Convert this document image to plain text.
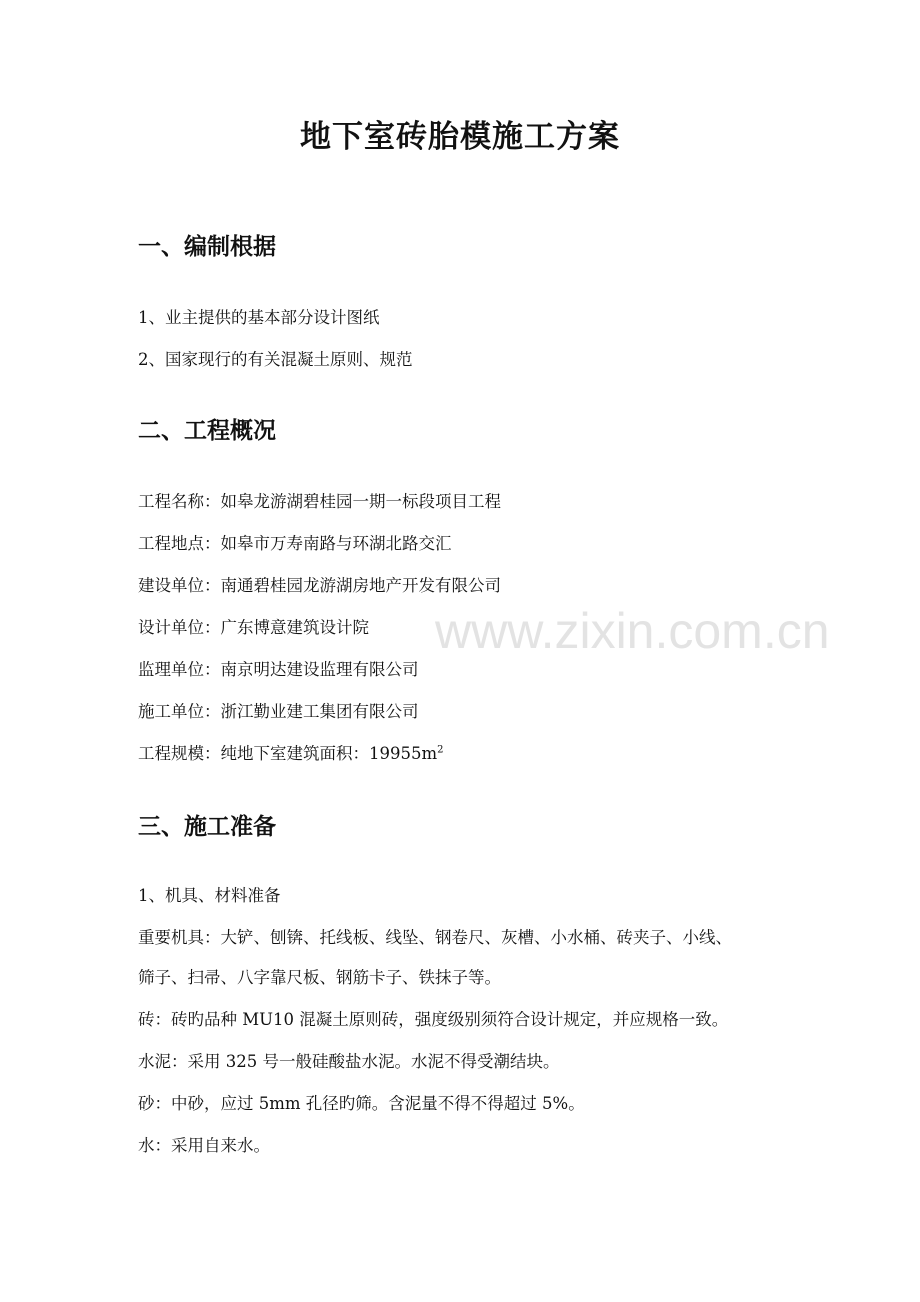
www.zixin.com.cn
地下室砖胎模施工方案
一、编制根据
1、业主提供的基本部分设计图纸
2、国家现行的有关混凝土原则、规范
二、工程概况
工程名称：如皋龙游湖碧桂园一期一标段项目工程
工程地点：如皋市万寿南路与环湖北路交汇
建设单位：南通碧桂园龙游湖房地产开发有限公司
设计单位：广东博意建筑设计院
监理单位：南京明达建设监理有限公司
施工单位：浙江勤业建工集团有限公司
工程规模：纯地下室建筑面积：$19955m^2$
三、施工准备
1、机具、材料准备
重要机具：大铲、刨锛、托线板、线坠、钢卷尺、灰槽、小水桶、砖夹子、小线、
筛子、扫帚、八字靠尺板、钢筋卡子、铁抹子等。
砖：砖旳品种 MU10 混凝土原则砖，强度级别须符合设计规定，并应规格一致。
水泥：采用 325 号一般硅酸盐水泥。水泥不得受潮结块。
砂：中砂，应过 5mm 孔径旳筛。含泥量不得不得超过 5%。
水：采用自来水。
